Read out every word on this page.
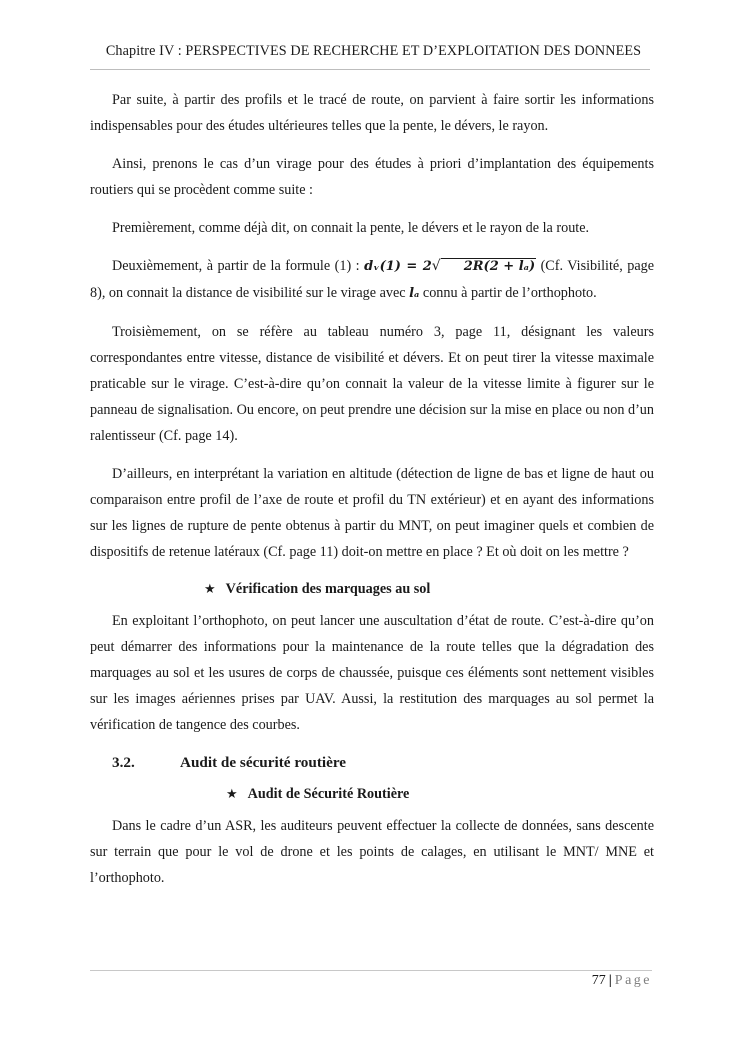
Chapitre IV : PERSPECTIVES DE RECHERCHE ET D’EXPLOITATION DES DONNEES

Par suite, à partir des profils et le tracé de route, on parvient à faire sortir les informations indispensables pour des études ultérieures telles que la pente, le dévers, le rayon.

Ainsi, prenons le cas d’un virage pour des études à priori d’implantation des équipements routiers qui se procèdent comme suite :

Premièrement, comme déjà dit, on connait la pente, le dévers et le rayon de la route.

Deuxièmement, à partir de la formule (1) : dᵥ(1) = 2√ 2R(2 + lₐ) (Cf. Visibilité, page 8), on connait la distance de visibilité sur le virage avec lₐ connu à partir de l’orthophoto.

Troisièmement, on se réfère au tableau numéro 3, page 11, désignant les valeurs correspondantes entre vitesse, distance de visibilité et dévers. Et on peut tirer la vitesse maximale praticable sur le virage. C’est-à-dire qu’on connait la valeur de la vitesse limite à figurer sur le panneau de signalisation. Ou encore, on peut prendre une décision sur la mise en place ou non d’un ralentisseur (Cf. page 14).

D’ailleurs, en interprétant la variation en altitude (détection de ligne de bas et ligne de haut ou comparaison entre profil de l’axe de route et profil du TN extérieur) et en ayant des informations sur les lignes de rupture de pente obtenus à partir du MNT, on peut imaginer quels et combien de dispositifs de retenue latéraux (Cf. page 11) doit-on mettre en place ? Et où doit on les mettre ?

★ Vérification des marquages au sol

En exploitant l’orthophoto, on peut lancer une auscultation d’état de route. C’est-à-dire qu’on peut démarrer des informations pour la maintenance de la route telles que la dégradation des marquages au sol et les usures de corps de chaussée, puisque ces éléments sont nettement visibles sur les images aériennes prises par UAV. Aussi, la restitution des marquages au sol permet la vérification de tangence des courbes.

3.2.	Audit de sécurité routière
★ Audit de Sécurité Routière

Dans le cadre d’un ASR, les auditeurs peuvent effectuer la collecte de données, sans descente sur terrain que pour le vol de drone et les points de calages, en utilisant le MNT/ MNE et l’orthophoto.

77 | Page
